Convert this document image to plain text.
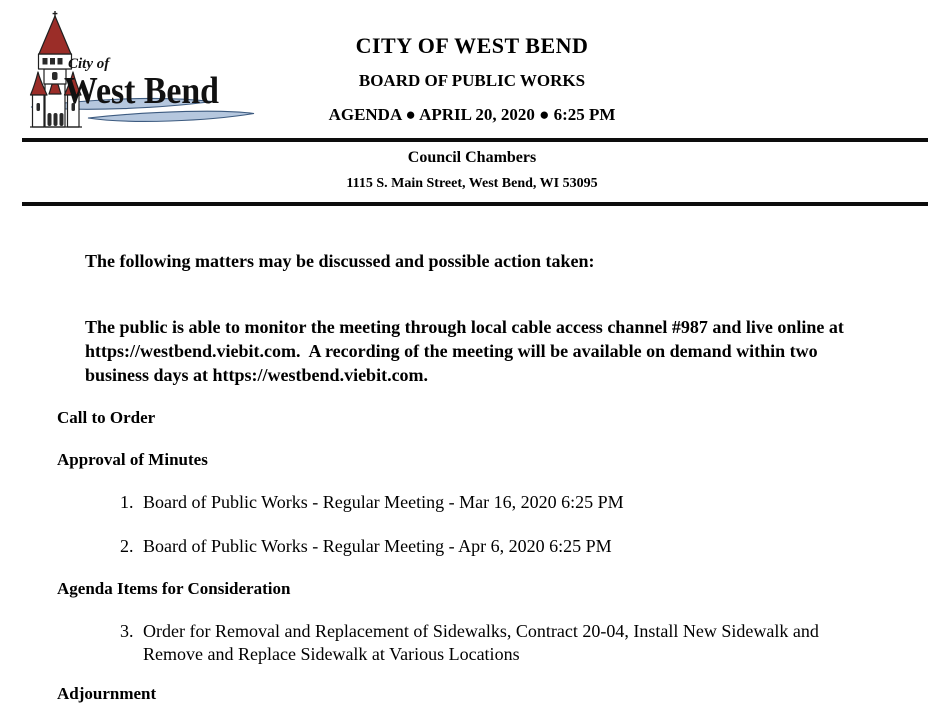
City of
West Bend
CITY OF WEST BEND
BOARD OF PUBLIC WORKS
AGENDA ● APRIL 20, 2020 ● 6:25 PM
Council Chambers
1115 S. Main Street, West Bend, WI 53095

The following matters may be discussed and possible action taken:

The public is able to monitor the meeting through local cable access channel #987 and live online at https://westbend.viebit.com.  A recording of the meeting will be available on demand within two business days at https://westbend.viebit.com.

Call to Order
Approval of Minutes
1. Board of Public Works - Regular Meeting - Mar 16, 2020 6:25 PM
2. Board of Public Works - Regular Meeting - Apr 6, 2020 6:25 PM
Agenda Items for Consideration
3. Order for Removal and Replacement of Sidewalks, Contract 20-04, Install New Sidewalk and Remove and Replace Sidewalk at Various Locations
Adjournment
